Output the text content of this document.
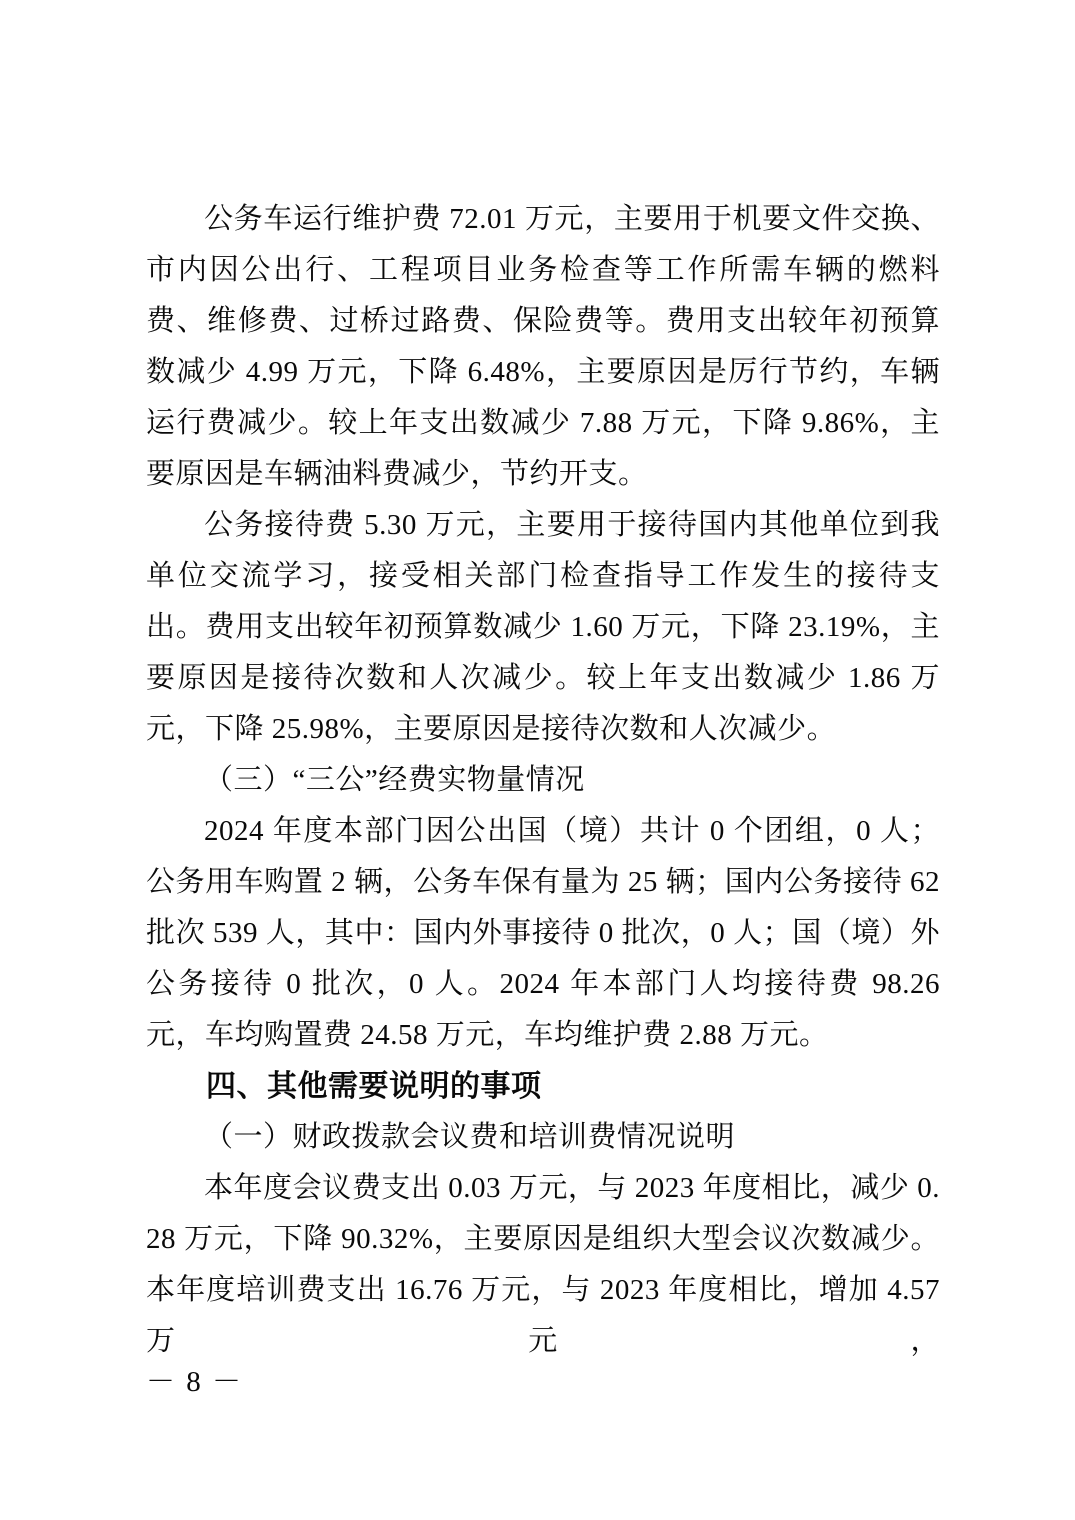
公务车运行维护费 72.01 万元，主要用于机要文件交换、市内因公出行、工程项目业务检查等工作所需车辆的燃料费、维修费、过桥过路费、保险费等。费用支出较年初预算数减少 4.99 万元，下降 6.48%，主要原因是厉行节约，车辆运行费减少。较上年支出数减少 7.88 万元，下降 9.86%，主要原因是车辆油料费减少，节约开支。

公务接待费 5.30 万元，主要用于接待国内其他单位到我单位交流学习，接受相关部门检查指导工作发生的接待支出。费用支出较年初预算数减少 1.60 万元，下降 23.19%，主要原因是接待次数和人次减少。较上年支出数减少 1.86 万元，下降 25.98%，主要原因是接待次数和人次减少。

（三）“三公”经费实物量情况

2024 年度本部门因公出国（境）共计 0 个团组，0 人；公务用车购置 2 辆，公务车保有量为 25 辆；国内公务接待 62 批次 539 人，其中：国内外事接待 0 批次，0 人；国（境）外公务接待 0 批次，0 人。2024 年本部门人均接待费 98.26 元，车均购置费 24.58 万元，车均维护费 2.88 万元。

四、其他需要说明的事项
（一）财政拨款会议费和培训费情况说明

本年度会议费支出 0.03 万元，与 2023 年度相比，减少 0.28 万元，下降 90.32%，主要原因是组织大型会议次数减少。本年度培训费支出 16.76 万元，与 2023 年度相比，增加 4.57 万元，

－ 8 －
